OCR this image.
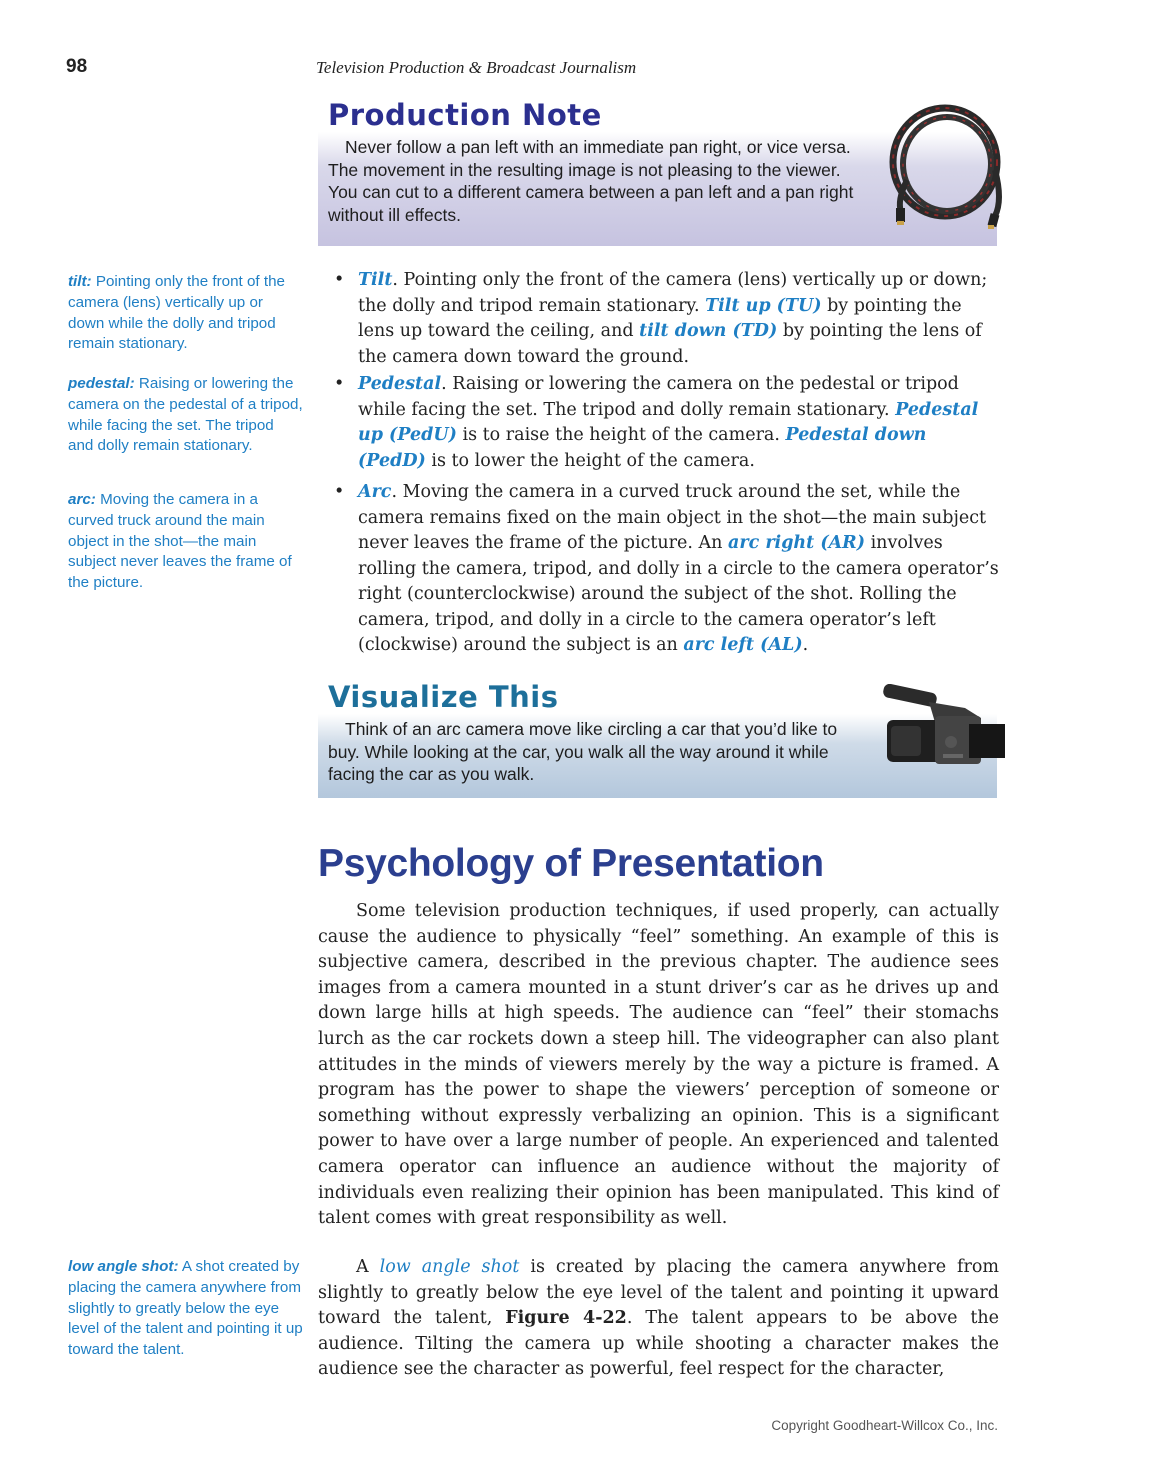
98	Television Production & Broadcast Journalism
Production Note
Never follow a pan left with an immediate pan right, or vice versa. The movement in the resulting image is not pleasing to the viewer. You can cut to a different camera between a pan left and a pan right without ill effects.
tilt: Pointing only the front of the camera (lens) vertically up or down while the dolly and tripod remain stationary.
pedestal: Raising or lowering the camera on the pedestal of a tripod, while facing the set. The tripod and dolly remain stationary.
arc: Moving the camera in a curved truck around the main object in the shot—the main subject never leaves the frame of the picture.
low angle shot: A shot created by placing the camera anywhere from slightly to greatly below the eye level of the talent and pointing it up toward the talent.
• Tilt. Pointing only the front of the camera (lens) vertically up or down; the dolly and tripod remain stationary. Tilt up (TU) by pointing the lens up toward the ceiling, and tilt down (TD) by pointing the lens of the camera down toward the ground.
• Pedestal. Raising or lowering the camera on the pedestal or tripod while facing the set. The tripod and dolly remain stationary. Pedestal up (PedU) is to raise the height of the camera. Pedestal down (PedD) is to lower the height of the camera.
• Arc. Moving the camera in a curved truck around the set, while the camera remains fixed on the main object in the shot—the main subject never leaves the frame of the picture. An arc right (AR) involves rolling the camera, tripod, and dolly in a circle to the camera operator’s right (counterclockwise) around the subject of the shot. Rolling the camera, tripod, and dolly in a circle to the camera operator’s left (clockwise) around the subject is an arc left (AL).
Visualize This
Think of an arc camera move like circling a car that you’d like to buy. While looking at the car, you walk all the way around it while facing the car as you walk.
Psychology of Presentation

Some television production techniques, if used properly, can actually cause the audience to physically “feel” something. An example of this is subjective camera, described in the previous chapter. The audience sees images from a camera mounted in a stunt driver’s car as he drives up and down large hills at high speeds. The audience can “feel” their stomachs lurch as the car rockets down a steep hill. The videographer can also plant attitudes in the minds of viewers merely by the way a picture is framed. A program has the power to shape the viewers’ perception of someone or something without expressly verbalizing an opinion. This is a significant power to have over a large number of people. An experienced and talented camera operator can influence an audience without the majority of individuals even realizing their opinion has been manipulated. This kind of talent comes with great responsibility as well.

A low angle shot is created by placing the camera anywhere from slightly to greatly below the eye level of the talent and pointing it upward toward the talent, Figure 4-22. The talent appears to be above the audience. Tilting the camera up while shooting a character makes the audience see the character as powerful, feel respect for the character,

Copyright Goodheart-Willcox Co., Inc.
